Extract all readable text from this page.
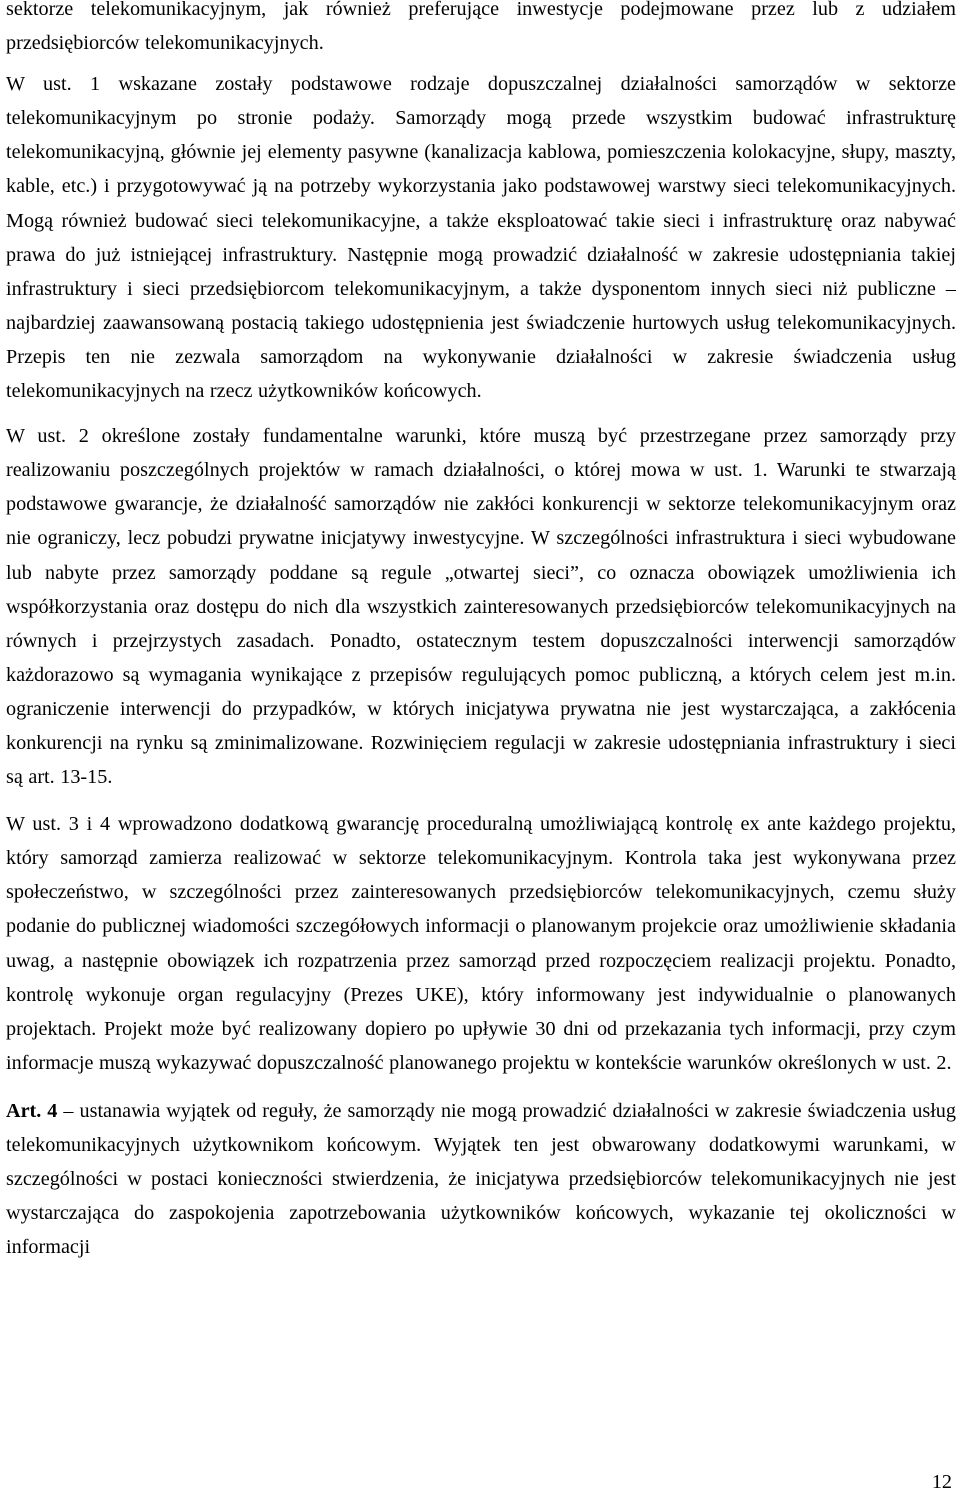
sektorze telekomunikacyjnym, jak również preferujące inwestycje podejmowane przez lub z udziałem przedsiębiorców telekomunikacyjnych.

W ust. 1 wskazane zostały podstawowe rodzaje dopuszczalnej działalności samorządów w sektorze telekomunikacyjnym po stronie podaży. Samorządy mogą przede wszystkim budować infrastrukturę telekomunikacyjną, głównie jej elementy pasywne (kanalizacja kablowa, pomieszczenia kolokacyjne, słupy, maszty, kable, etc.) i przygotowywać ją na potrzeby wykorzystania jako podstawowej warstwy sieci telekomunikacyjnych. Mogą również budować sieci telekomunikacyjne, a także eksploatować takie sieci i infrastrukturę oraz nabywać prawa do już istniejącej infrastruktury. Następnie mogą prowadzić działalność w zakresie udostępniania takiej infrastruktury i sieci przedsiębiorcom telekomunikacyjnym, a także dysponentom innych sieci niż publiczne – najbardziej zaawansowaną postacią takiego udostępnienia jest świadczenie hurtowych usług telekomunikacyjnych. Przepis ten nie zezwala samorządom na wykonywanie działalności w zakresie świadczenia usług telekomunikacyjnych na rzecz użytkowników końcowych.

W ust. 2 określone zostały fundamentalne warunki, które muszą być przestrzegane przez samorządy przy realizowaniu poszczególnych projektów w ramach działalności, o której mowa w ust. 1. Warunki te stwarzają podstawowe gwarancje, że działalność samorządów nie zakłóci konkurencji w sektorze telekomunikacyjnym oraz nie ograniczy, lecz pobudzi prywatne inicjatywy inwestycyjne. W szczególności infrastruktura i sieci wybudowane lub nabyte przez samorządy poddane są regule „otwartej sieci”, co oznacza obowiązek umożliwienia ich współkorzystania oraz dostępu do nich dla wszystkich zainteresowanych przedsiębiorców telekomunikacyjnych na równych i przejrzystych zasadach. Ponadto, ostatecznym testem dopuszczalności interwencji samorządów każdorazowo są wymagania wynikające z przepisów regulujących pomoc publiczną, a których celem jest m.in. ograniczenie interwencji do przypadków, w których inicjatywa prywatna nie jest wystarczająca, a zakłócenia konkurencji na rynku są zminimalizowane. Rozwinięciem regulacji w zakresie udostępniania infrastruktury i sieci są art. 13-15.

W ust. 3 i 4 wprowadzono dodatkową gwarancję proceduralną umożliwiającą kontrolę ex ante każdego projektu, który samorząd zamierza realizować w sektorze telekomunikacyjnym. Kontrola taka jest wykonywana przez społeczeństwo, w szczególności przez zainteresowanych przedsiębiorców telekomunikacyjnych, czemu służy podanie do publicznej wiadomości szczegółowych informacji o planowanym projekcie oraz umożliwienie składania uwag, a następnie obowiązek ich rozpatrzenia przez samorząd przed rozpoczęciem realizacji projektu. Ponadto, kontrolę wykonuje organ regulacyjny (Prezes UKE), który informowany jest indywidualnie o planowanych projektach. Projekt może być realizowany dopiero po upływie 30 dni od przekazania tych informacji, przy czym informacje muszą wykazywać dopuszczalność planowanego projektu w kontekście warunków określonych w ust. 2.

Art. 4 – ustanawia wyjątek od reguły, że samorządy nie mogą prowadzić działalności w zakresie świadczenia usług telekomunikacyjnych użytkownikom końcowym. Wyjątek ten jest obwarowany dodatkowymi warunkami, w szczególności w postaci konieczności stwierdzenia, że inicjatywa przedsiębiorców telekomunikacyjnych nie jest wystarczająca do zaspokojenia zapotrzebowania użytkowników końcowych, wykazanie tej okoliczności w informacji

12
